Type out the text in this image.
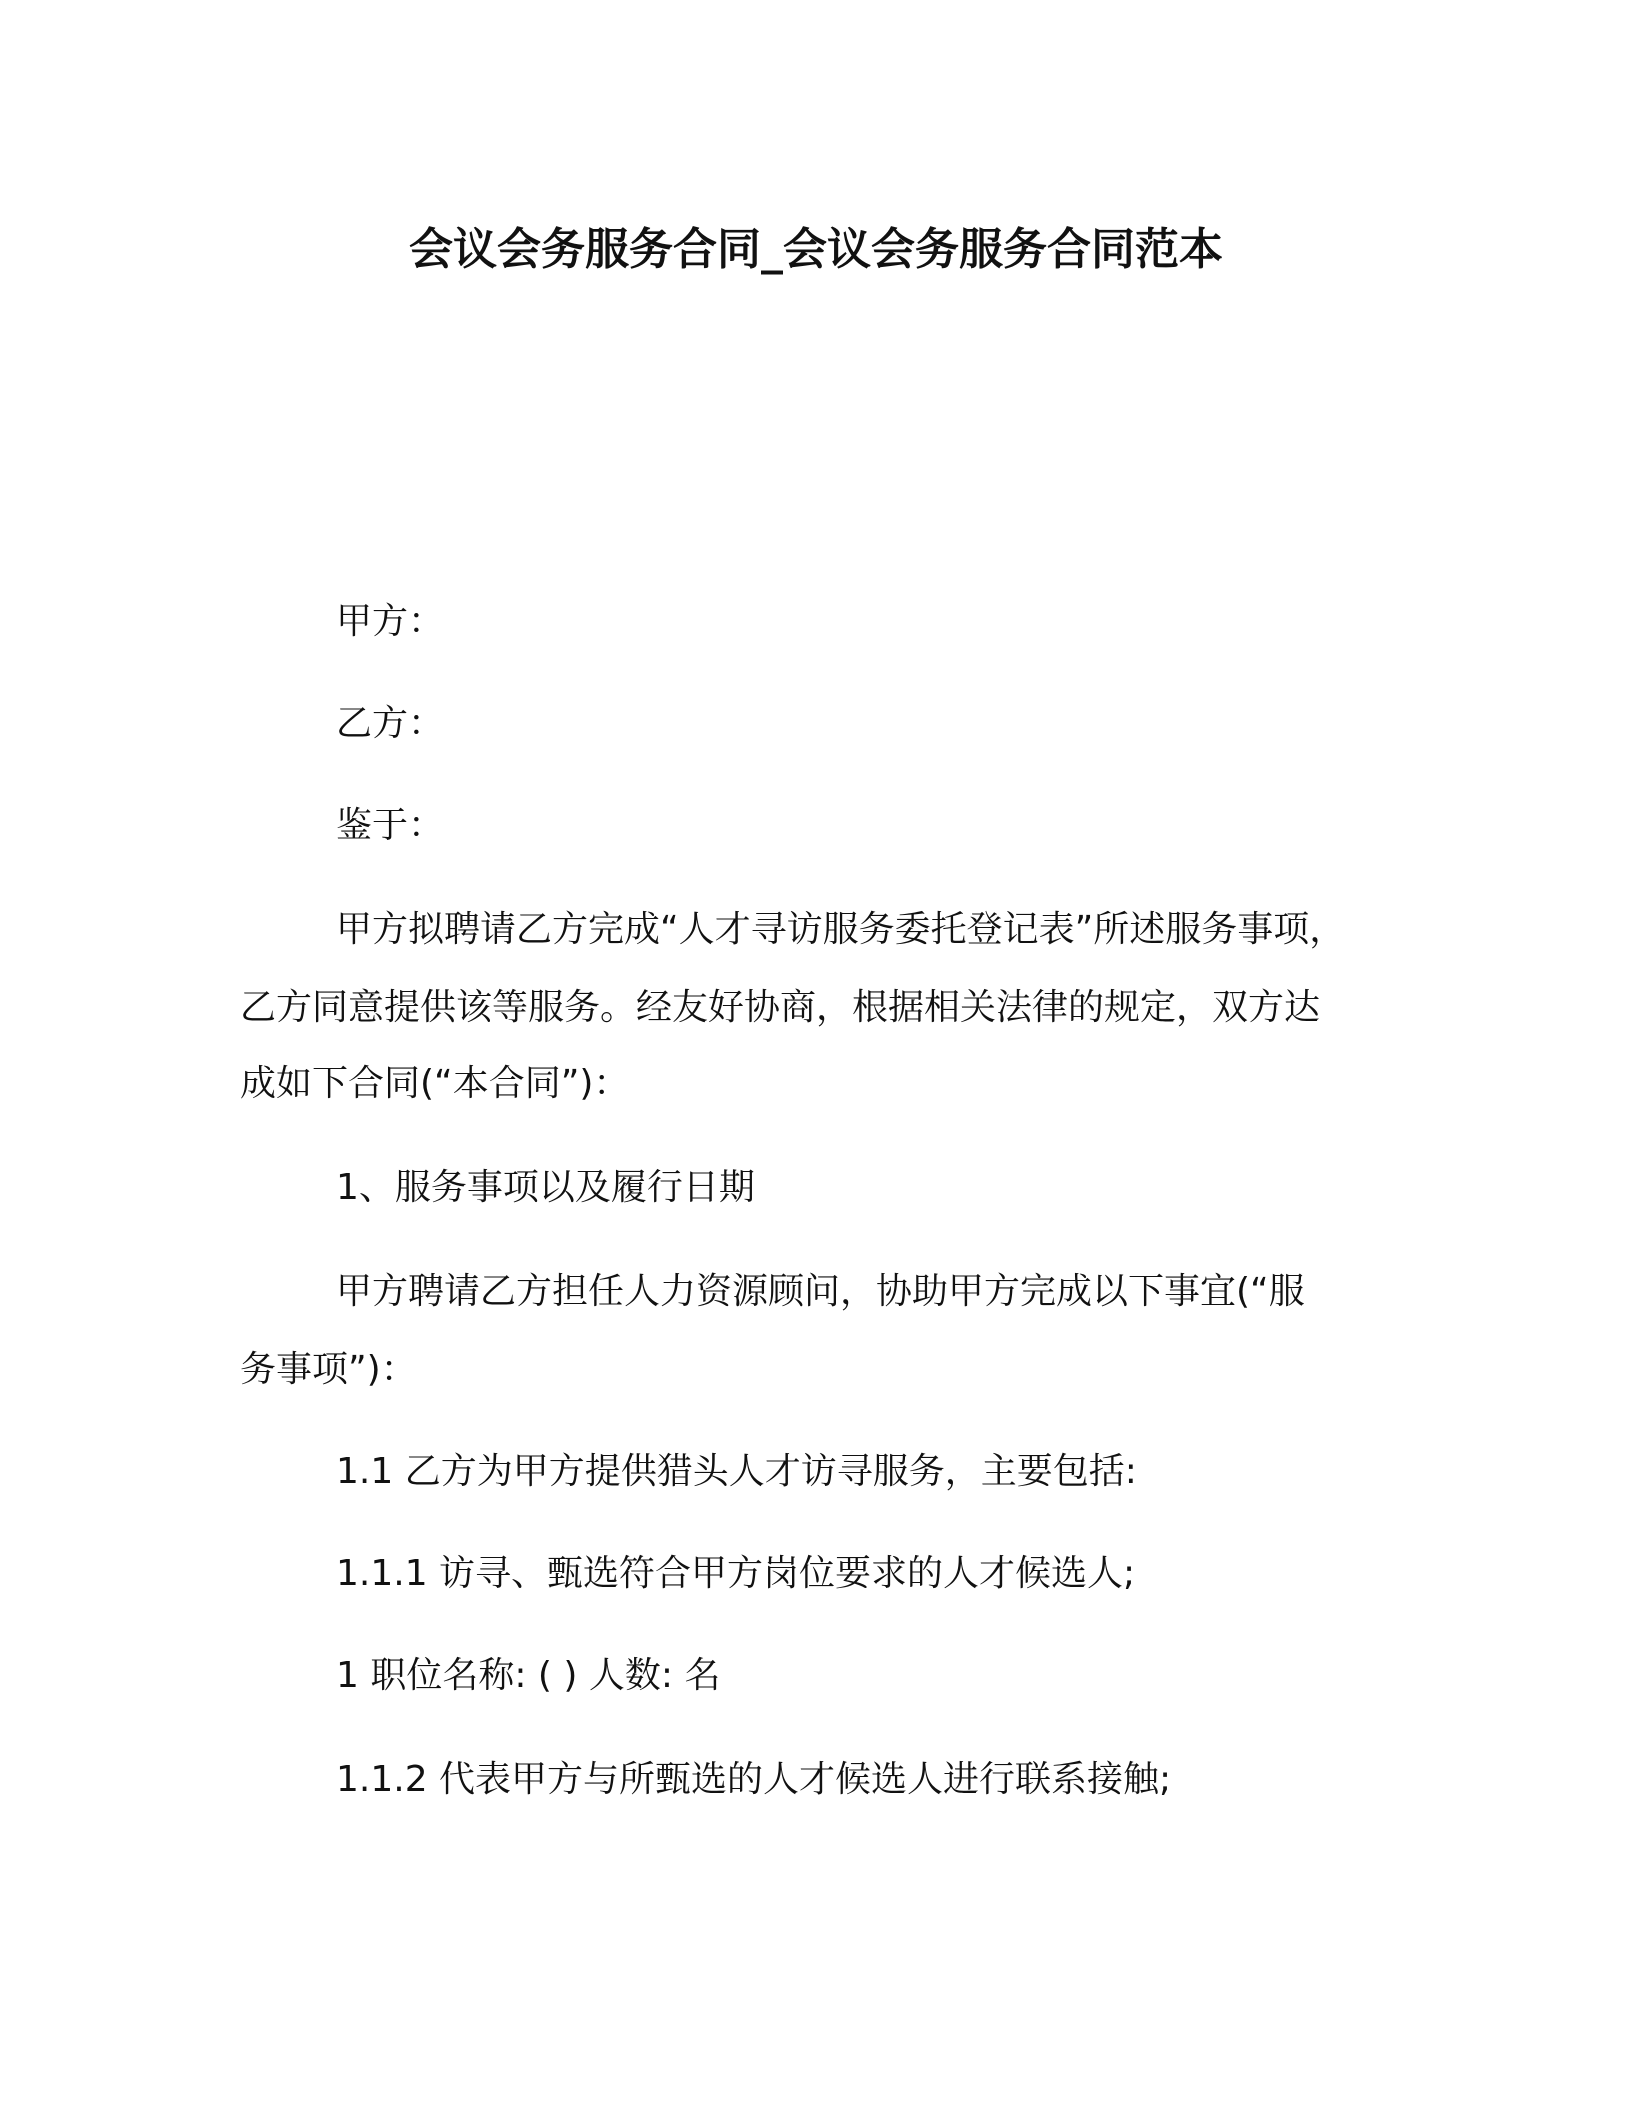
会议会务服务合同_会议会务服务合同范本
甲方：
乙方：
鉴于：
甲方拟聘请乙方完成“人才寻访服务委托登记表”所述服务事项，
乙方同意提供该等服务。经友好协商，根据相关法律的规定，双方达
成如下合同(“本合同”)：
1、服务事项以及履行日期
甲方聘请乙方担任人力资源顾问，协助甲方完成以下事宜(“服
务事项”)：
1.1 乙方为甲方提供猎头人才访寻服务，主要包括:
1.1.1 访寻、甄选符合甲方岗位要求的人才候选人;
1 职位名称: ( ) 人数: 名
1.1.2 代表甲方与所甄选的人才候选人进行联系接触;
